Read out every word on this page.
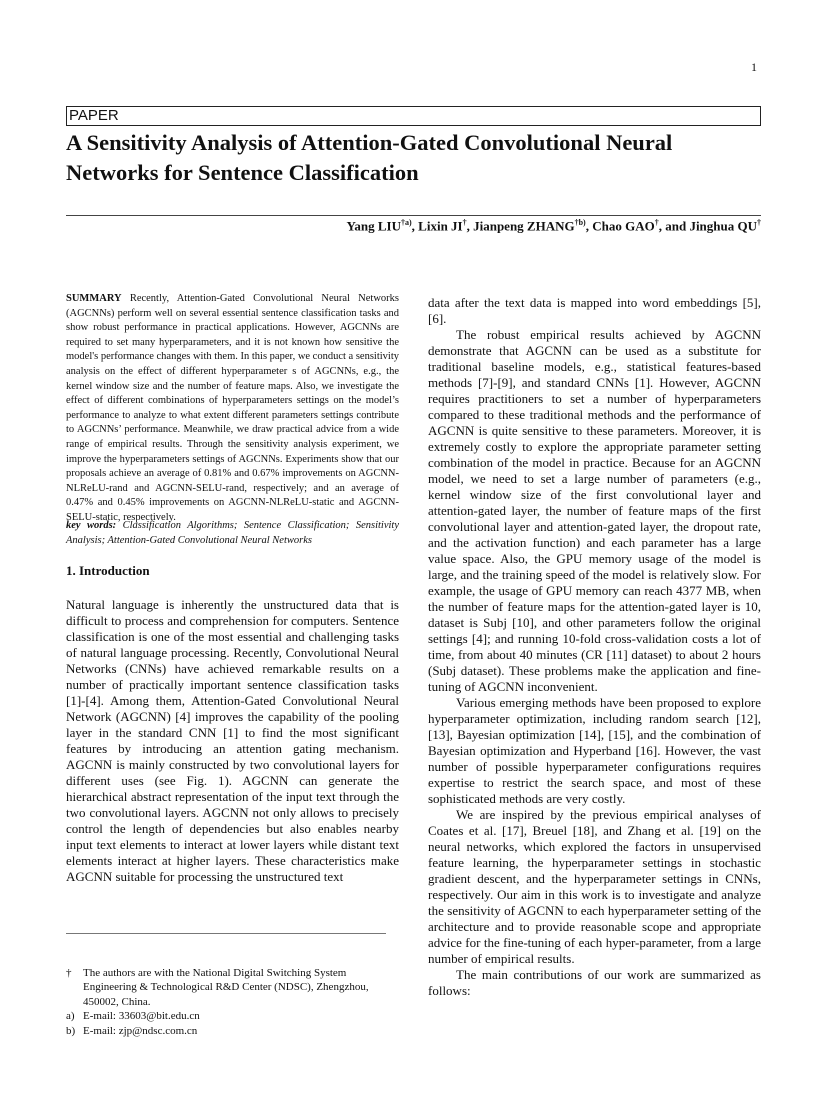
1
PAPER
A Sensitivity Analysis of Attention-Gated Convolutional Neural Networks for Sentence Classification
Yang LIU$^{\dagger a)}$, Lixin JI†, Jianpeng ZHANG$^{\dagger b)}$, Chao GAO†, and Jinghua QU†
SUMMARY Recently, Attention-Gated Convolutional Neural Networks (AGCNNs) perform well on several essential sentence classification tasks and show robust performance in practical applications. However, AGCNNs are required to set many hyperparameters, and it is not known how sensitive the model's performance changes with them. In this paper, we conduct a sensitivity analysis on the effect of different hyperparameter s of AGCNNs, e.g., the kernel window size and the number of feature maps. Also, we investigate the effect of different combinations of hyperparameters settings on the model’s performance to analyze to what extent different parameters settings contribute to AGCNNs’ performance. Meanwhile, we draw practical advice from a wide range of empirical results. Through the sensitivity analysis experiment, we improve the hyperparameters settings of AGCNNs. Experiments show that our proposals achieve an average of 0.81% and 0.67% improvements on AGCNN-NLReLU-rand and AGCNN-SELU-rand, respectively; and an average of 0.47% and 0.45% improvements on AGCNN-NLReLU-static and AGCNN-SELU-static, respectively.
key words: Classification Algorithms; Sentence Classification; Sensitivity Analysis; Attention-Gated Convolutional Neural Networks
1. Introduction
Natural language is inherently the unstructured data that is difficult to process and comprehension for computers. Sentence classification is one of the most essential and challenging tasks of natural language processing. Recently, Convolutional Neural Networks (CNNs) have achieved remarkable results on a number of practically important sentence classification tasks [1]-[4]. Among them, Attention-Gated Convolutional Neural Network (AGCNN) [4] improves the capability of the pooling layer in the standard CNN [1] to find the most significant features by introducing an attention gating mechanism. AGCNN is mainly constructed by two convolutional layers for different uses (see Fig. 1). AGCNN can generate the hierarchical abstract representation of the input text through the two convolutional layers. AGCNN not only allows to precisely control the length of dependencies but also enables nearby input text elements to interact at lower layers while distant text elements interact at higher layers. These characteristics make AGCNN suitable for processing the unstructured text
†	The authors are with the National Digital Switching System Engineering & Technological R&D Center (NDSC), Zhengzhou, 450002, China.
a) E-mail: 33603@bit.edu.cn
b) E-mail: zjp@ndsc.com.cn

data after the text data is mapped into word embeddings [5], [6].

The robust empirical results achieved by AGCNN demonstrate that AGCNN can be used as a substitute for traditional baseline models, e.g., statistical features-based methods [7]-[9], and standard CNNs [1]. However, AGCNN requires practitioners to set a number of hyperparameters compared to these traditional methods and the performance of AGCNN is quite sensitive to these parameters. Moreover, it is extremely costly to explore the appropriate parameter setting combination of the model in practice. Because for an AGCNN model, we need to set a large number of parameters (e.g., kernel window size of the first convolutional layer and attention-gated layer, the number of feature maps of the first convolutional layer and attention-gated layer, the dropout rate, and the activation function) and each parameter has a large value space. Also, the GPU memory usage of the model is large, and the training speed of the model is relatively slow. For example, the usage of GPU memory can reach 4377 MB, when the number of feature maps for the attention-gated layer is 10, dataset is Subj [10], and other parameters follow the original settings [4]; and running 10-fold cross-validation costs a lot of time, from about 40 minutes (CR [11] dataset) to about 2 hours (Subj dataset). These problems make the application and fine-tuning of AGCNN inconvenient.

Various emerging methods have been proposed to explore hyperparameter optimization, including random search [12], [13], Bayesian optimization [14], [15], and the combination of Bayesian optimization and Hyperband [16]. However, the vast number of possible hyperparameter configurations requires expertise to restrict the search space, and most of these sophisticated methods are very costly.

We are inspired by the previous empirical analyses of Coates et al. [17], Breuel [18], and Zhang et al. [19] on the neural networks, which explored the factors in unsupervised feature learning, the hyperparameter settings in stochastic gradient descent, and the hyperparameter settings in CNNs, respectively. Our aim in this work is to investigate and analyze the sensitivity of AGCNN to each hyperparameter setting of the architecture and to provide reasonable scope and appropriate advice for the fine-tuning of each hyper-parameter, from a large number of empirical results.

The main contributions of our work are summarized as follows:
